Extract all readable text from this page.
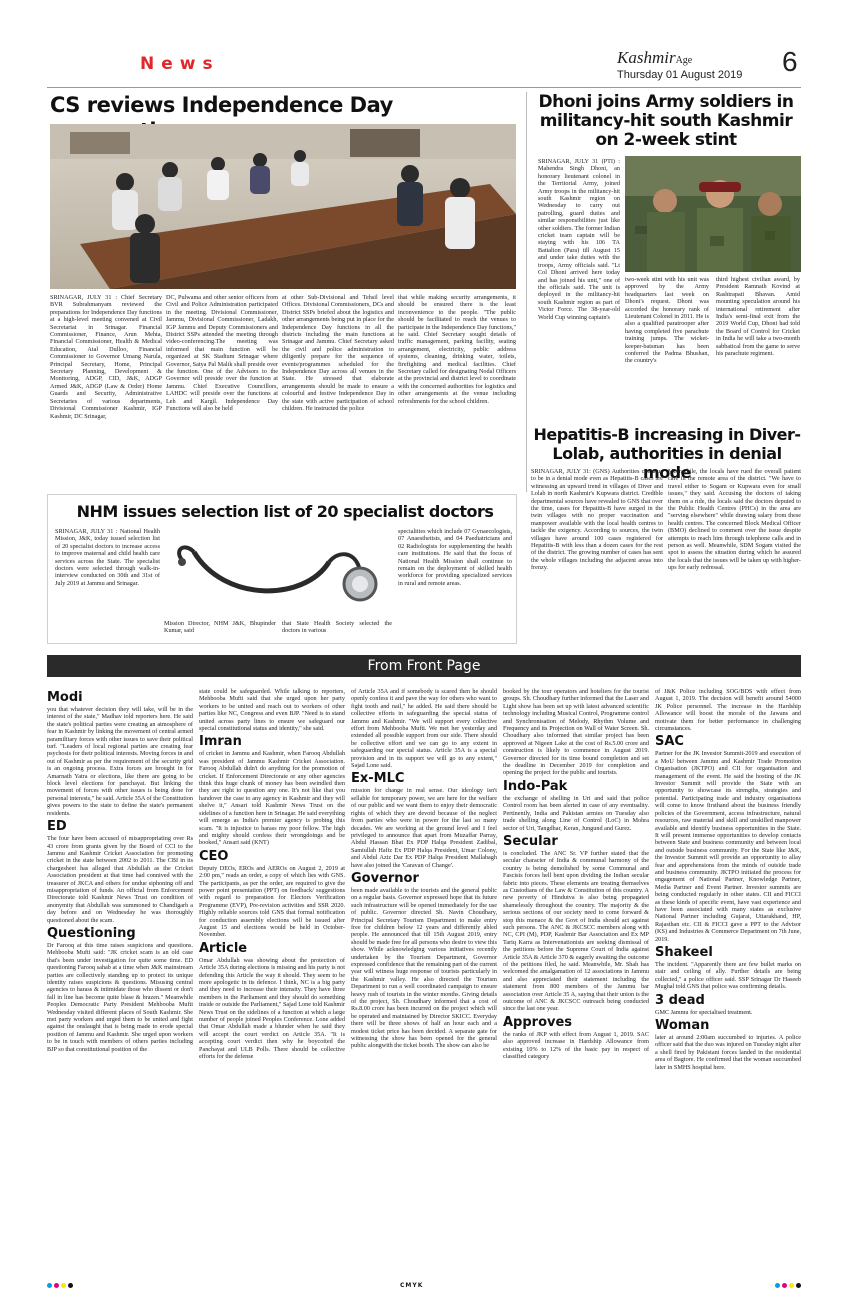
News	KashmirAge
Thursday 01 August 2019	6
CS reviews Independence Day
SRINAGAR, JULY 31 : Chief Secretary BVR Subrahmanyam reviewed the preparations for Independence Day functions at a high-level meeting convened at Civil Secretariat in Srinagar. Financial Commissioner, Finance, Arun Mehta, Financial Commissioner, Health & Medical Education, Atal Dulloo, Financial Commissioner to Governor Umang Narula, Principal Secretary, Home, Principal Secretary Planning, Development & Monitoring, ADGP, CID, J&K, ADGP Armed J&K, ADGP (Law & Order) Home Guards and Security, Administrative Secretaries of various departments, Divisional Commissioner Kashmir, IGP Kashmir, DC Srinagar,
DC, Pulwama and other senior officers from Civil and Police Administration participated in the meeting. Divisional Commissioner, Jammu, Divisional Commissioner, Ladakh, IGP Jammu and Deputy Commissioners and District SSPs attended the meeting through video-conferencing.The meeting was informed that main function will be organized at SK Stadium Srinagar where Governor, Satya Pal Malik shall preside over the function. One of the Advisors to the Governor will preside over the function at Jammu. Chief Executive Councillors, LAHDC will preside over the functions at Leh and Kargil. Independence Day Functions will also be held
at other Sub-Divisional and Tehsil level Offices. Divisional Commissioners, DCs and District SSPs briefed about the logistics and other arrangements being put in place for the Independence Day functions in all the districts including the main functions at Srinagar and Jammu. Chief Secretary asked the civil and police administration to diligently prepare for the sequence of events/programmes scheduled for the Independence Day across all venues in the State. He stressed that elaborate arrangements should be made to ensure a colourful and festive Independence Day in the state with active participation of school children. He instructed the police
that while making security arrangements, it should be ensured there is the least inconvenience to the people. "The public should be facilitated to reach the venues to participate in the Independence Day functions," he said. Chief Secretary sought details of traffic management, parking facility, seating arrangement, electricity, public address systems, cleaning, drinking water, toilets, firefighting and medical facilities. Chief Secretary called for designating Nodal Officers at the provincial and district level to coordinate with the concerned authorities for logistics and other arrangements at the venue including refreshments for the school children.
Dhoni joins Army soldiers in militancy-hit south Kashmir on 2-week stint
SRINAGAR, JULY 31 (PTI) : Mahendra Singh Dhoni, an honorary lieutenant colonel in the Territorial Army, joined Army troops in the militancy-hit south Kashmir region on Wednesday to carry out patrolling, guard duties and similar responsibilities just like other soldiers. The former Indian cricket team captain will be staying with his 106 TA Battalion (Para) till August 15 and under take duties with the troops, Army officials said. "Lt Col Dhoni arrived here today and has joined his unit," one of the officials said. The unit is deployed in the militancy-hit south Kashmir region as part of Victor Force. The 38-year-old World Cup winning captain's
two-week stint with his unit was approved by the Army headquarters last week on Dhoni's request. Dhoni was accorded the honorary rank of Lieutenant Colonel in 2011. He is also a qualified paratrooper after having completed five parachute training jumps. The wicket-keeper-batsman has been conferred the Padma Bhushan, the country's
third highest civilian award, by President Ramnath Kovind at Rashtrapati Bhavan. Amid mounting speculation around his international retirement after India's semi-final exit from the 2019 World Cup, Dhoni had told the Board of Control for Cricket in India he will take a two-month sabbatical from the game to serve his parachute regiment.
Hepatitis-B increasing in Diver-Lolab, authorities in denial mode
SRINAGAR, JULY 31: (GNS) Authorities continue to be in a denial mode even as Hepatitis-B cases are witnessing an upward trend in villages of Diver and Lolab in north Kashmir's Kupwara district. Credible departmental sources have revealed to GNS that over the time, cases for Hepatitis-B have surged in the twin villages with no proper vaccination and manpower available with the local health centres to tackle the exigency. According to sources, the twin villages have around 100 cases registered for Hepatitis-B with less than a dozen cases for the rest of the district. The growing number of cases has sent the whole villages including the adjacent areas into frenzy.
Meanwhile, the locals have rued the overall patient care in the remote area of the district. "We have to travel either to Sogam or Kupwara even for small issues," they said. Accusing the doctors of taking them on a ride, the locals said the doctors deputed to the Public Health Centres (PHCs) in the area are "serving elsewhere" while drawing salary from these health centres. The concerned Block Medical Officer (BMO) declined to comment over the issue despite attempts to reach him through telephone calls and in person as well. Meanwhile, SDM Sogam visited the spot to assess the situation during which he assured the locals that the issues will be taken up with higher-ups for early redressal.
NHM issues selection list of 20 specialist doctors
SRINAGAR, JULY 31 : National Health Mission, J&K, today issued selection list of 20 specialist doctors to increase access to improve maternal and child health care services across the State. The specialist doctors were selected through walk-in-interview conducted on 30th and 31st of July 2019 at Jammu and Srinagar.
Mission Director, NHM J&K, Bhupinder Kumar, said
that State Health Society selected the doctors in various
specialities which include 07 Gynaecologists, 07 Anaesthetists, and 04 Paediatricians and 02 Radiologists for supplementing the health care institutions. He said that the focus of National Health Mission shall continue to remain on the deployment of skilled health workforce for providing specialized services in rural and remote areas.
From Front Page
Modi
you that whatever decision they will take, will be in the interest of the state," Madhav told reporters here. He said the state's political parties were creating an atmosphere of fear in Kashmir by linking the movement of central armed paramilitary forces with other issues to save their political turf. "Leaders of local regional parties are creating fear psychosis for their political interests. Moving forces in and out of Kashmir as per the requirement of the security grid is an ongoing process. Extra forces are brought in for Amarnath Yatra or elections, like there are going to be block level elections for panchayat. But linking the movement of forces with other issues is being done for personal interests," he said. Article 35A of the Constitution gives powers to the state to define the state's permanent residents.
ED
The four have been accused of misappropriating over Rs 43 crore from grants given by the Board of CCI to the Jammu and Kashmir Cricket Association for promoting cricket in the state between 2002 to 2011. The CBI in its chargesheet has alleged that Abdullah as the Cricket Association president at that time had connived with the treasurer of JKCA and others for undue siphoning off and misappropriation of funds. An official from Enforcement Directorate told Kashmir News Trust on condition of anonymity that Abdullah was summoned to Chandigarh a day before and on Wednesday he was thoroughly questioned about the scam.
Questioning
Dr Farooq at this time raises suspicions and questions. Mehbooba Mufti said: "JK cricket scam is an old case that's been under investigation for quite some time. ED questioning Farooq sahab at a time when J&K mainstream parties are collectively standing up to protect its unique identity raises suspicions & questions. Misusing central agencies to harass & intimidate those who dissent or don't fall in line has become quite blase & brazen." Meanwhile Peoples Democratic Party President Mehbooba Mufti Wednesday visited different places of South Kashmir. She met party workers and urged them to be united and fight against the onslaught that is being made to erode special position of Jammu and Kashmir. She urged upon workers to be in touch with members of others parties including BJP so that constitutional position of the
state could be safeguarded. While talking to reporters, Mehbooba Mufti said that she urged upon her party workers to be united and reach out to workers of other parties like NC, Congress and even BJP. "Need is to stand united across party lines to ensure we safeguard our special constitutional status and identity," she said.
Imran
of cricket in Jammu and Kashmir, when Farooq Abdullah was president of Jammu Kashmir Cricket Association. Farooq Abdullah didn't do anything for the promotion of cricket. If Enforcement Directorate or any other agencies think this huge chunk of money has been swindled then they are right to question any one. It's not like that you handover the case to any agency in Kashmir and they will shelve it," Ansari told Kashmir News Trust on the sidelines of a function here in Srinagar. He said everything will emerge as India's premier agency is probing this scam. "It is injustice to harass my poor fellow. The high and mighty should confess their wrongdoings and be booked," Ansari said (KNT)
CEO
Deputy DEOs, EROs and AEROs on August 2, 2019 at 2:00 pm," reads an order, a copy of which lies with GNS. The participants, as per the order, are required to give the power point presentation (PPT) on feedback/ suggestions with regard to preparation for Electors Verification Programme (EVP), Pre-revision activities and SSR 2020. Highly reliable sources told GNS that formal notification for conduction assembly elections will be issued after August 15 and elections would be held in October-November.
Article
Omar Abdullah was showing about the protection of Article 35A during elections is missing and his party is not defending this Article the way it should. They seem to be more apologetic in its defence. I think, NC is a big party and they need to increase their intensity. They have three members in the Parliament and they should do something inside or outside the Parliament," Sajad Lone told Kashmir News Trust on the sidelines of a function at which a large number of people joined Peoples Conference. Lone added that Omar Abdullah made a blunder when he said they will accept the court verdict on Article 35A. "It is accepting court verdict then why he boycotted the Panchayat and ULB Polls. There should be collective efforts for the defense
of Article 35A and if somebody is scared then he should openly confess it and pave the way for others who want to fight tooth and nail," he added. He said there should be collective efforts in safeguarding the special status of Jammu and Kashmir. "We will support every collective effort from Mehbooba Mufti. We met her yesterday and extended all possible support from our side. There should be collective effort and we can go to any extent in safeguarding our special status. Article 35A is a special provision and in its support we will go to any extent," Sajad Lone said.
Ex-MLC
mission for change in real sense. Our ideology isn't sellable for temporary power, we are here for the welfare of our public and we want them to enjoy their democratic rights of which they are devoid because of the neglect from parties who were in power for the last so many decades. We are working at the ground level and I feel privileged to announce that apart from Muzaffar Parray, Abdul Hassan Bhat Ex PDP Halqa President Zadibal, Samiullah Hafiz Ex PDP Halqa President, Umar Colony, and Abdul Aziz Dar Ex PDP Halqa President Mallabagh have also joined the 'Caravan of Change'.
Governor
been made available to the tourists and the general public on a regular basis. Governor expressed hope that its future such infrastructure will be opened immediately for the use of public. Governor directed Sh. Navin Choudhary, Principal Secretary Tourism Department to make entry free for children below 12 years and differently abled people. He announced that till 15th August 2019, entry should be made free for all persons who desire to view this show. While acknowledging various initiatives recently undertaken by the Tourism Department, Governor expressed confidence that the remaining part of the current year will witness huge response of tourists particularly in the Kashmir valley. He also directed the Tourism Department to run a well coordinated campaign to ensure heavy rush of tourists in the winter months. Giving details of the project, Sh. Choudhary informed that a cost of Rs.8.00 crore has been incurred on the project which will be operated and maintained by Director SKICC. Everyday there will be three shows of half an hour each and a modest ticket price has been decided. A separate gate for witnessing the show has been opened for the general public alongwith the ticket booth. The show can also be
booked by the tour operators and hoteliers for the tourist groups. Sh. Choudhary further informed that the Laser and Light show has been set up with latest advanced scientific technology including Musical Control, Programme control and Synchronisation of Melody, Rhythm Volume and Frequency and its Projection on Wall of Water Screen. Sh. Choudhary also informed that similar project has been approved at Nigeen Lake at the cost of Rs.5.00 crore and construction is likely to commence in August 2019. Governor directed for its time bound completion and set the deadline in December 2019 for completion and opening the project for the public and tourists.
Indo-Pak
the exchange of shelling in Uri and said that police Control room has been alerted in case of any eventuality. Pertinently, India and Pakistan armies on Tuesday also trade shelling along Line of Control (LoC) in Mohra sector of Uri, Tangdhar, Keran, Jungund and Gurez.
Secular
is concluded. The ANC Sr. VP further stated that the secular character of India & communal harmony of the country is being demolished by some Communal and Fascists forces hell bent upon dividing the Indian secular fabric into pieces. These elements are treating themselves as Custodians of the Law & Constitution of this country. A new poverty of Hindutva is also being propagated shamelessly throughout the country. The majority & the serious sections of our society need to come forward & stop this menace & the Govt of India should act against such persons. The ANC & JKCSCC members along with NC, CPI (M), PDP, Kashmir Bar Association and Ex MP Tariq Karra as Intervenationists are seeking dismissal of the petitions before the Supreme Court of India against Article 35A & Article 370 & eagerly awaiting the outcome of the petitions filed, he said. Meanwhile, Mr. Shah has welcomed the amalgamation of 12 associations in Jammu and also appreciated their statement including the statement from 800 members of the Jammu bar association over Article 35 A, saying that their union is the outcome of ANC & JKCSCC outreach being conducted since the last one year.
Approves
the ranks of JKP with effect from August 1, 2019. SAC also approved increase in Hardship Allowance from existing 10% to 12% of the basic pay in respect of classified category
of J&K Police including SOG/BDS with effect from August 1, 2019. The decision will benefit around 54000 JK Police personnel. The increase in the Hardship Allowance will boost the morale of the Jawans and motivate them for better performance in challenging circumstances.
SAC
Partner for the JK Investor Summit-2019 and execution of a MoU between Jammu and Kashmir Trade Promotion Organisation (JKTPO) and CII for organisation and management of the event. He said the hosting of the JK Investor Summit will provide the State with an opportunity to showcase its strengths, strategies and potential. Participating trade and industry organisations will come to know firsthand about the business friendly policies of the Government, access infrastructure, natural resources, raw material and skill and unskilled manpower available and identify business opportunities in the State. It will present immense opportunities to develop contacts between State and business community and between local and outside business community. For the State like J&K, the Investor Summit will provide an opportunity to allay fear and apprehensions from the minds of outside trade and business community. JKTPO initiated the process for engagement of National Partner, Knowledge Partner, Media Partner and Event Partner. Investor summits are being conducted regularly in other states. CII and FICCI as these kinds of specific event, have vast experience and have been associated with many states as exclusive National Partner including Gujarat, Uttarakhand, HP, Rajasthan etc. CII & FICCI gave a PPT to the Advisor (KS) and Industries & Commerce Department on 7th June, 2019.
Shakeel
The incident. "Apparently there are few bullet marks on stair and ceiling of ally. Further details are being collected," a police officer said. SSP Srinagar Dr Haseeb Mughal told GNS that police was confirming details.
3 dead
GMC Jammu for specialised treatment.
Woman
later at around 2:00am succumbed to injuries. A police officer said that the duo was injured on Tuesday night after a shell fired by Pakistani forces landed in the residential area of Bagtore. He confirmed that the woman succumbed later in SMHS hospital here.
CMYK
